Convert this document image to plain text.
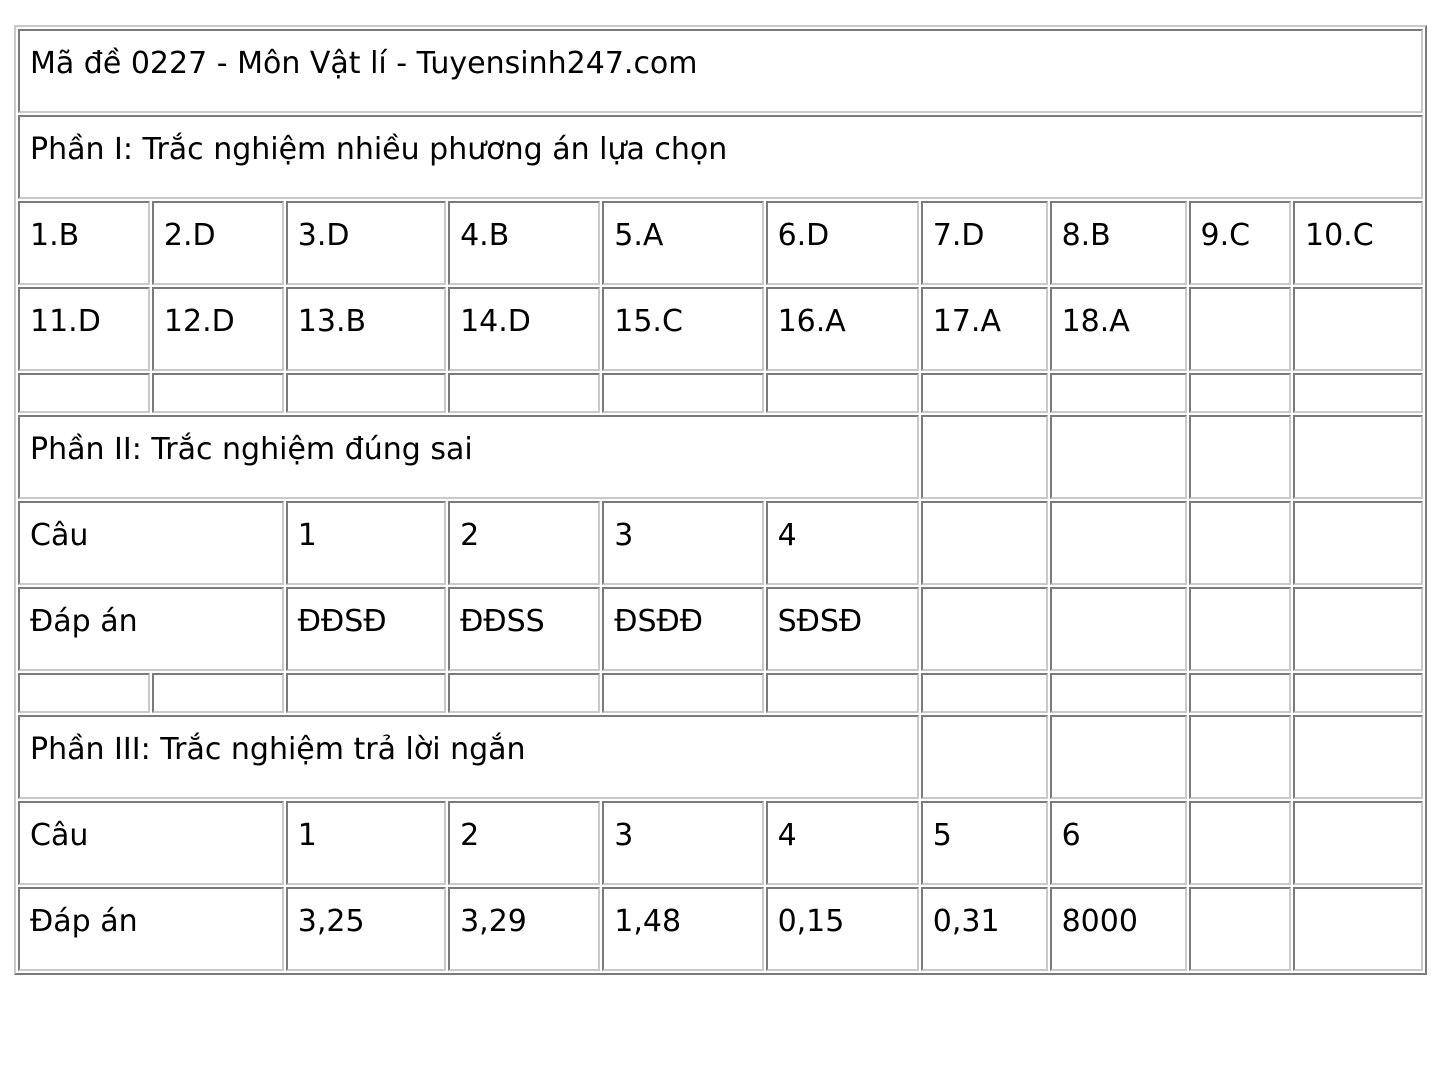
Mã đề 0227 - Môn Vật lí - Tuyensinh247.com									
Phần I: Trắc nghiệm nhiều phương án lựa chọn									
1.B	2.D	3.D	4.B	5.A	6.D	7.D	8.B	9.C	10.C
11.D	12.D	13.B	14.D	15.C	16.A	17.A	18.A		

Phần II: Trắc nghiệm đúng sai									
Câu		1	2	3	4				
Đáp án		ĐĐSĐ	ĐĐSS	ĐSĐĐ	SĐSĐ				

Phần III: Trắc nghiệm trả lời ngắn									
Câu		1	2	3	4	5	6		
Đáp án		3,25	3,29	1,48	0,15	0,31	8000		
